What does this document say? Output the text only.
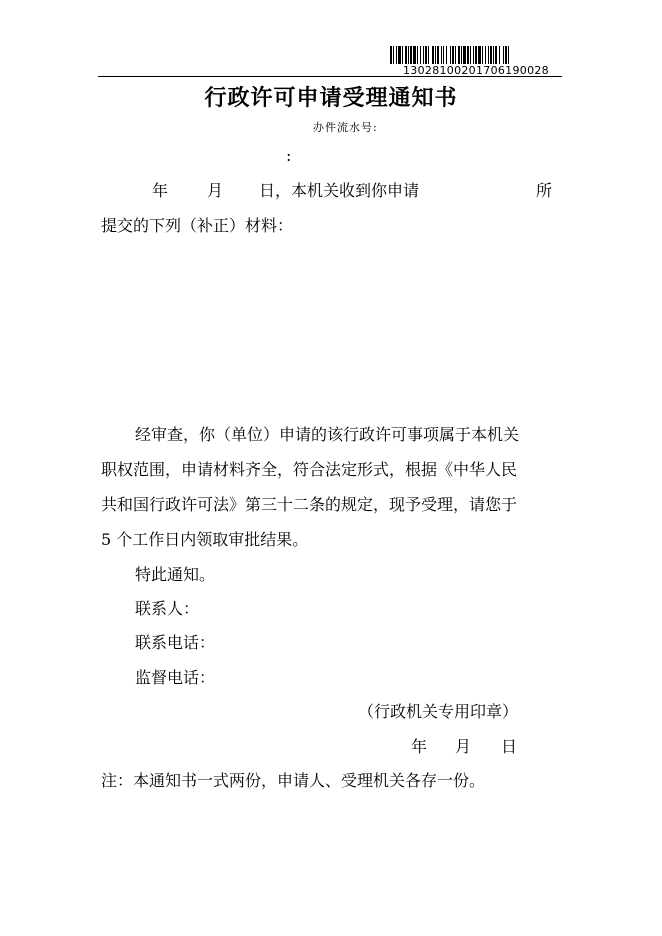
13028100201706190028
行政许可申请受理通知书
办件流水号:
:
年 月 日，本机关收到你申请	所
提交的下列（补正）材料：
经审查，你（单位）申请的该行政许可事项属于本机关
职权范围，申请材料齐全，符合法定形式，根据《中华人民
共和国行政许可法》第三十二条的规定，现予受理，请您于
5 个工作日内领取审批结果。
特此通知。
联系人：
联系电话：
监督电话：
（行政机关专用印章）
年 月 日
注：本通知书一式两份，申请人、受理机关各存一份。
